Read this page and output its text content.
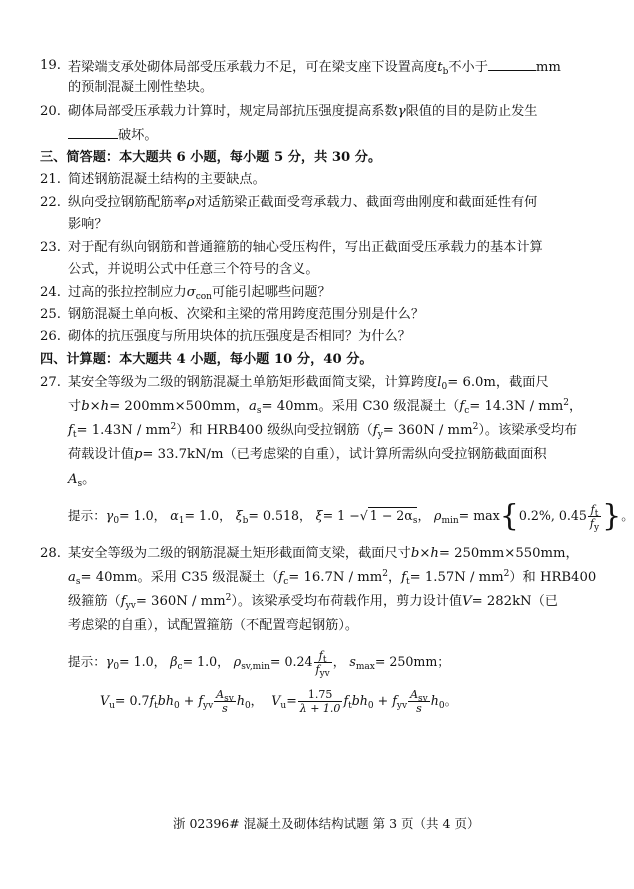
19. 若梁端支承处砌体局部受压承载力不足，可在梁支座下设置高度$t_b$不小于	mm
的预制混凝土刚性垫块。
20. 砌体局部受压承载力计算时，规定局部抗压强度提高系数γ限值的目的是防止发生
破坏。
三、简答题：本大题共 6 小题，每小题 5 分，共 30 分。
21. 简述钢筋混凝土结构的主要缺点。
22. 纵向受拉钢筋配筋率ρ对适筋梁正截面受弯承载力、截面弯曲刚度和截面延性有何
影响？
23. 对于配有纵向钢筋和普通箍筋的轴心受压构件，写出正截面受压承载力的基本计算
公式，并说明公式中任意三个符号的含义。
24. 过高的张拉控制应力$\sigma_{con}$可能引起哪些问题？
25. 钢筋混凝土单向板、次梁和主梁的常用跨度范围分别是什么？
26. 砌体的抗压强度与所用块体的抗压强度是否相同？为什么？
四、计算题：本大题共 4 小题，每小题 10 分，40 分。
27. 某安全等级为二级的钢筋混凝土单筋矩形截面简支梁，计算跨度$l_0= 6.0m$，截面尺
寸b×h= 200mm×500mm，$a_s= 40mm$。采用 C30 级混凝土（$f_c= 14.3N / mm^2$，
$f_t= 1.43N / mm^2$）和 HRB400 级纵向受拉钢筋$(f_y= 360N / mm^2)$。该梁承受均布
荷载设计值p= 33.7kN/m（已考虑梁的自重），试计算所需纵向受拉钢筋截面面积
$A_s$。
提示：$\gamma_0= 1.0$， $\alpha_1= 1.0$， $\xi_b= 0.518$， ξ= 1 −√ $1 - 2\alpha_s$， $\rho_{min}= \max\{0.2\%$, $0.45 \frac{f_t}{f_y}$ }。
28. 某安全等级为二级的钢筋混凝土矩形截面简支梁，截面尺寸b×h= 250mm×550mm，
$a_s= 40mm$。采用 C35 级混凝土（$f_c= 16.7N / mm^2$，$f_t= 1.57N / mm^2$）和 HRB400
级箍筋$(f_{yv}= 360N / mm^2)$。该梁承受均布荷载作用，剪力设计值V= 282kN（已
考虑梁的自重），试配置箍筋（不配置弯起钢筋）。
提示：$\gamma_0= 1.0$， $\beta_c= 1.0$， $\rho_{sv,min}= 0.24 \frac{f_t}{f_{yv}}$ ， $s_{max}= 250mm$；
$V_u= 0.7f_tbh_0 + f_{yv} \frac{A_{sv}}{s} h_0$， $V_u= \frac{1.75}{\lambda + 1.0} f_tbh_0 + f_{yv} \frac{A_{sv}}{s} h_0$。
浙 02396# 混凝土及砌体结构试题 第 3 页（共 4 页）
